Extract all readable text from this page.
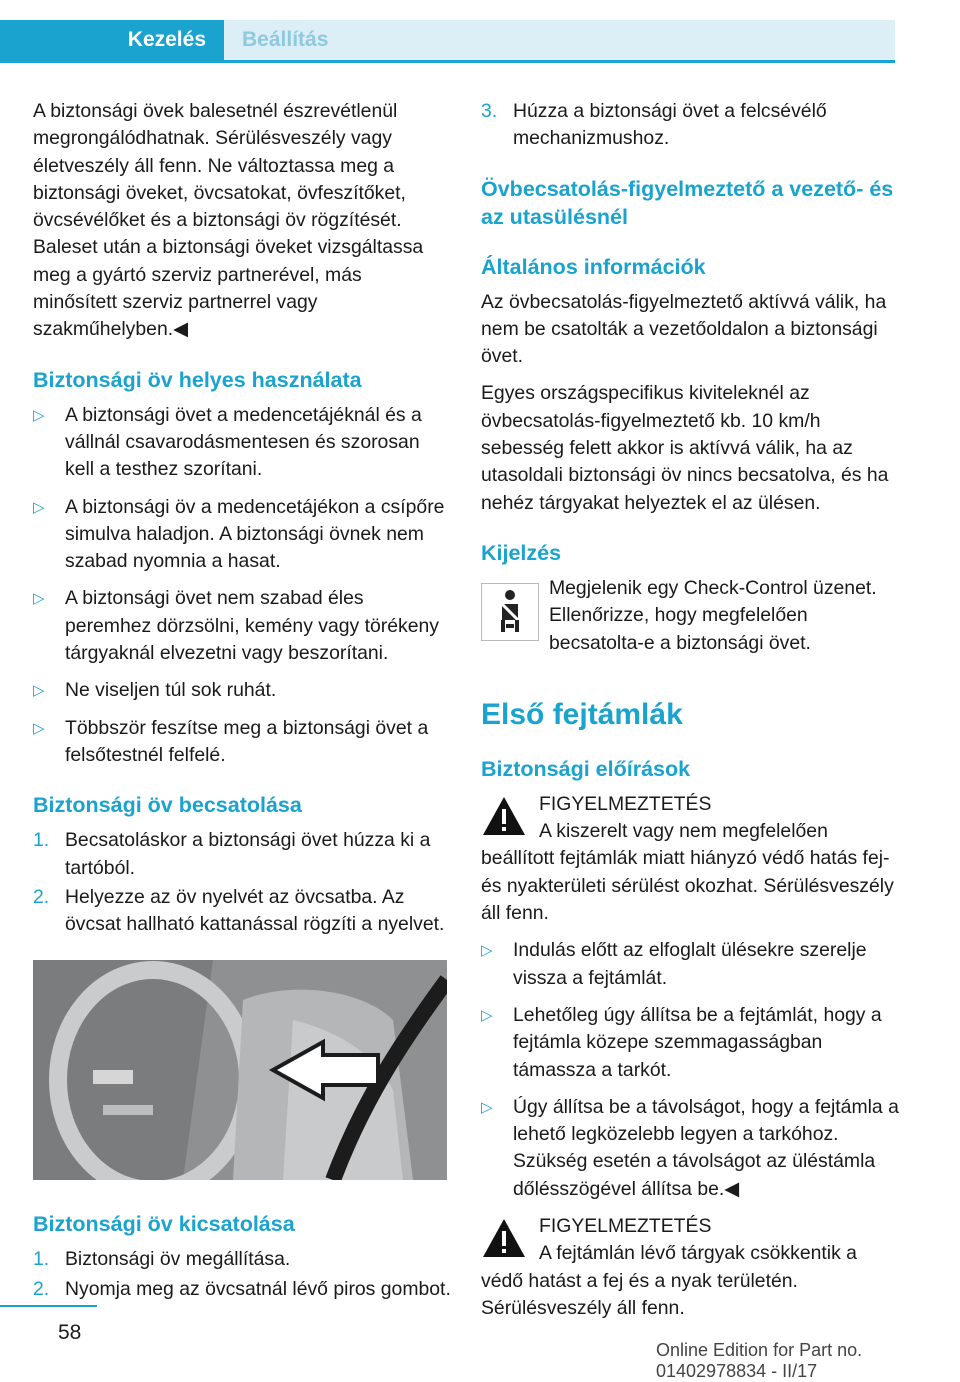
Kezelés	Beállítás

A biztonsági övek balesetnél észrevétlenül megrongálódhatnak. Sérülésveszély vagy életveszély áll fenn. Ne változtassa meg a biztonsági öveket, övcsatokat, övfeszítőket, övcsévélőket és a biztonsági öv rögzítését. Baleset után a biztonsági öveket vizsgáltassa meg a gyártó szerviz partnerével, más minősített szerviz partnerrel vagy szakműhelyben.◀

Biztonsági öv helyes használata
▷	A biztonsági övet a medencetájéknál és a vállnál csavarodásmentesen és szorosan kell a testhez szorítani.
▷	A biztonsági öv a medencetájékon a csípőre simulva haladjon. A biztonsági övnek nem szabad nyomnia a hasat.
▷	A biztonsági övet nem szabad éles peremhez dörzsölni, kemény vagy törékeny tárgyaknál elvezetni vagy beszorítani.
▷	Ne viseljen túl sok ruhát.
▷	Többször feszítse meg a biztonsági övet a felsőtestnél felfelé.
Biztonsági öv becsatolása
1. Becsatoláskor a biztonsági övet húzza ki a tartóból.
2. Helyezze az öv nyelvét az övcsatba. Az övcsat hallható kattanással rögzíti a nyelvet.
Biztonsági öv kicsatolása
1. Biztonsági öv megállítása.
2. Nyomja meg az övcsatnál lévő piros gombot.
3. Húzza a biztonsági övet a felcsévélő mechanizmushoz.
Övbecsatolás-figyelmeztető a vezető- és az utasülésnél
Általános információk

Az övbecsatolás-figyelmeztető aktívvá válik, ha nem be csatolták a vezetőoldalon a biztonsági övet.

Egyes országspecifikus kiviteleknél az övbecsatolás-figyelmeztető kb. 10 km/h sebesség felett akkor is aktívvá válik, ha az utasoldali biztonsági öv nincs becsatolva, és ha nehéz tárgyakat helyeztek el az ülésen.

Kijelzés

Megjelenik egy Check-Control üzenet. Ellenőrizze, hogy megfelelően becsatolta-e a biztonsági övet.

Első fejtámlák
Biztonsági előírások
FIGYELMEZTETÉS

A kiszerelt vagy nem megfelelően beállított fejtámlák miatt hiányzó védő hatás fej- és nyakterületi sérülést okozhat. Sérülésveszély áll fenn.

▷	Indulás előtt az elfoglalt ülésekre szerelje vissza a fejtámlát.
▷	Lehetőleg úgy állítsa be a fejtámlát, hogy a fejtámla közepe szemmagasságban támassza a tarkót.
▷	Úgy állítsa be a távolságot, hogy a fejtámla a lehető legközelebb legyen a tarkóhoz. Szükség esetén a távolságot az üléstámla dőlésszögével állítsa be.◀
FIGYELMEZTETÉS

A fejtámlán lévő tárgyak csökkentik a védő hatást a fej és a nyak területén. Sérülésveszély áll fenn.

58
Online Edition for Part no. 01402978834 - II/17
